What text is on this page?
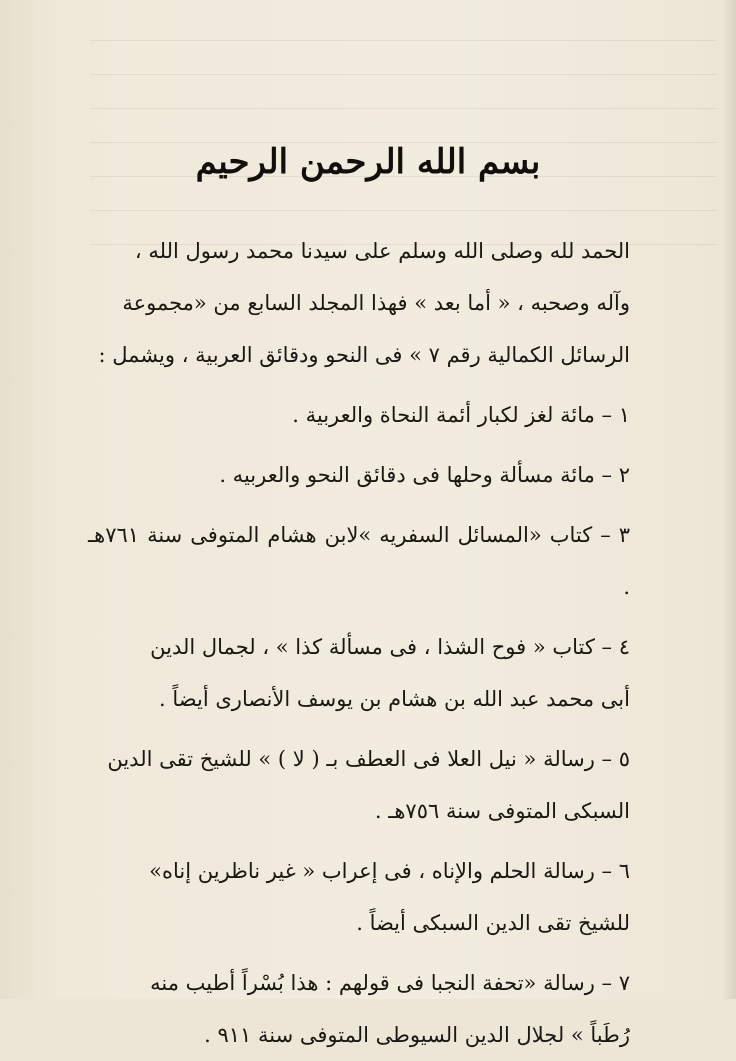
بسم الله الرحمن الرحيم

الحمد لله وصلى الله وسلم على سيدنا محمد رسول الله ،

وآله وصحبه ، « أما بعد » فهذا المجلد السابع من «مجموعة

الرسائل الكمالية رقم ٧ » فى النحو ودقائق العربية ، ويشمل :

١ – مائة لغز لكبار أئمة النحاة والعربية .

٢ – مائة مسألة وحلها فى دقائق النحو والعربيه .

٣ – كتاب «المسائل السفريه »لابن هشام المتوفى سنة ٧٦١هـ .

٤ – كتاب « فوح الشذا ، فى مسألة كذا » ، لجمال الدين

أبى محمد عبد الله بن هشام بن يوسف الأنصارى أيضاً .

٥ – رسالة « نيل العلا فى العطف بـ ( لا ) » للشيخ تقى الدين

السبكى المتوفى سنة ٧٥٦هـ .

٦ – رسالة الحلم والإناه ، فى إعراب « غير ناظرين إناه»

للشيخ تقى الدين السبكى أيضاً .

٧ – رسالة «تحفة النجبا فى قولهم : هذا بُسْراً أطيب منه

رُطَباً » لجلال الدين السيوطى المتوفى سنة ٩١١ .
